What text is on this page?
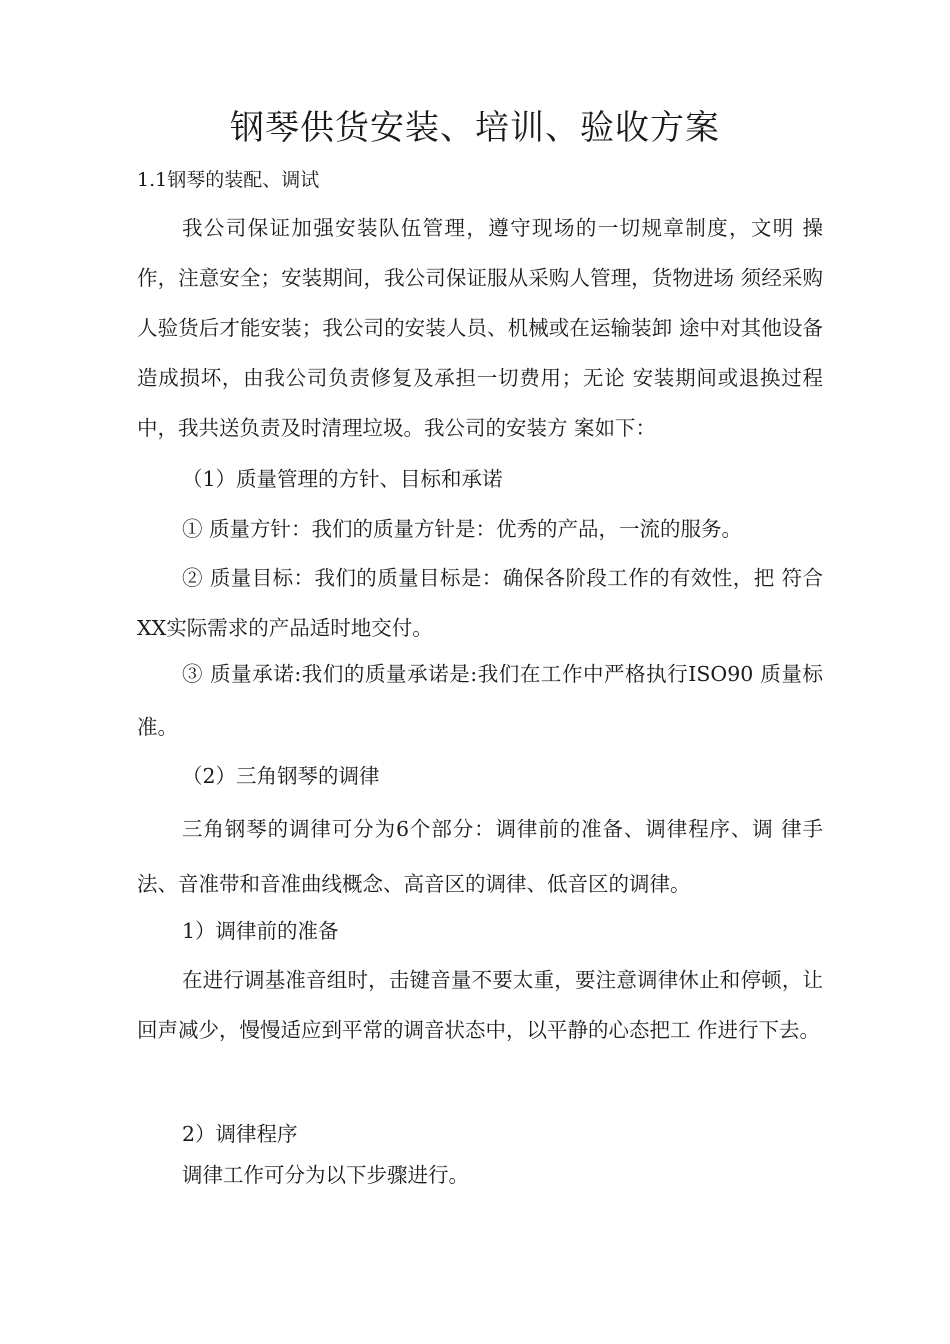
钢琴供货安装、培训、验收方案
1.1钢琴的装配、调试

我公司保证加强安装队伍管理，遵守现场的一切规章制度，文明 操作，注意安全；安装期间，我公司保证服从采购人管理，货物进场 须经采购人验货后才能安装；我公司的安装人员、机械或在运输装卸 途中对其他设备造成损坏，由我公司负责修复及承担一切费用；无论 安装期间或退换过程中，我共送负责及时清理垃圾。我公司的安装方 案如下：

（1）质量管理的方针、目标和承诺
① 质量方针：我们的质量方针是：优秀的产品，一流的服务。

② 质量目标：我们的质量目标是：确保各阶段工作的有效性，把 符合XX实际需求的产品适时地交付。

③ 质量承诺:我们的质量承诺是:我们在工作中严格执行ISO90 质量标准。

（2）三角钢琴的调律

三角钢琴的调律可分为6个部分：调律前的准备、调律程序、调 律手法、音准带和音准曲线概念、高音区的调律、低音区的调律。

1）调律前的准备

在进行调基准音组时，击键音量不要太重，要注意调律休止和停顿，让回声减少，慢慢适应到平常的调音状态中，以平静的心态把工 作进行下去。

2）调律程序
调律工作可分为以下步骤进行。
